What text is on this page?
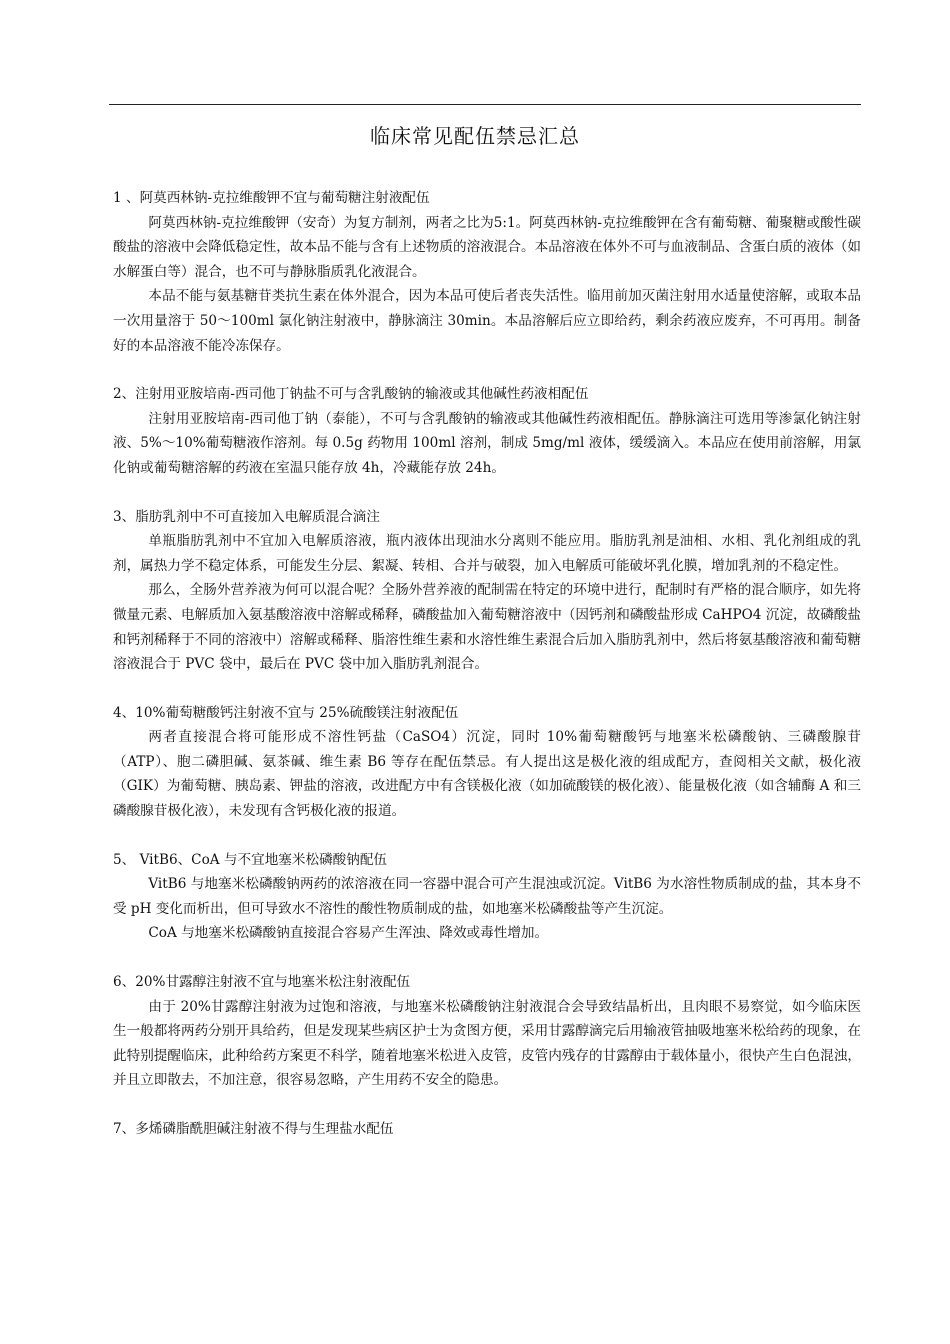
临床常见配伍禁忌汇总

1 、阿莫西林钠-克拉维酸钾不宜与葡萄糖注射液配伍

阿莫西林钠-克拉维酸钾（安奇）为复方制剂，两者之比为5:1。阿莫西林钠-克拉维酸钾在含有葡萄糖、葡聚糖或酸性碳酸盐的溶液中会降低稳定性，故本品不能与含有上述物质的溶液混合。本品溶液在体外不可与血液制品、含蛋白质的液体（如水解蛋白等）混合，也不可与静脉脂质乳化液混合。

本品不能与氨基糖苷类抗生素在体外混合，因为本品可使后者丧失活性。临用前加灭菌注射用水适量使溶解，或取本品一次用量溶于 50～100ml 氯化钠注射液中，静脉滴注 30min。本品溶解后应立即给药，剩余药液应废弃，不可再用。制备好的本品溶液不能冷冻保存。

2、注射用亚胺培南-西司他丁钠盐不可与含乳酸钠的输液或其他碱性药液相配伍

注射用亚胺培南-西司他丁钠（泰能），不可与含乳酸钠的输液或其他碱性药液相配伍。静脉滴注可选用等渗氯化钠注射液、5%～10%葡萄糖液作溶剂。每 0.5g 药物用 100ml 溶剂，制成 5mg/ml 液体，缓缓滴入。本品应在使用前溶解，用氯化钠或葡萄糖溶解的药液在室温只能存放 4h，冷藏能存放 24h。

3、脂肪乳剂中不可直接加入电解质混合滴注

单瓶脂肪乳剂中不宜加入电解质溶液，瓶内液体出现油水分离则不能应用。脂肪乳剂是油相、水相、乳化剂组成的乳剂，属热力学不稳定体系，可能发生分层、絮凝、转相、合并与破裂，加入电解质可能破坏乳化膜，增加乳剂的不稳定性。

那么，全肠外营养液为何可以混合呢？全肠外营养液的配制需在特定的环境中进行，配制时有严格的混合顺序，如先将微量元素、电解质加入氨基酸溶液中溶解或稀释，磷酸盐加入葡萄糖溶液中（因钙剂和磷酸盐形成 CaHPO4 沉淀，故磷酸盐和钙剂稀释于不同的溶液中）溶解或稀释、脂溶性维生素和水溶性维生素混合后加入脂肪乳剂中，然后将氨基酸溶液和葡萄糖溶液混合于 PVC 袋中，最后在 PVC 袋中加入脂肪乳剂混合。

4、10%葡萄糖酸钙注射液不宜与 25%硫酸镁注射液配伍

两者直接混合将可能形成不溶性钙盐（CaSO4）沉淀，同时 10%葡萄糖酸钙与地塞米松磷酸钠、三磷酸腺苷（ATP）、胞二磷胆碱、氨茶碱、维生素 B6 等存在配伍禁忌。有人提出这是极化液的组成配方，查阅相关文献，极化液（GIK）为葡萄糖、胰岛素、钾盐的溶液，改进配方中有含镁极化液（如加硫酸镁的极化液）、能量极化液（如含辅酶 A 和三磷酸腺苷极化液），未发现有含钙极化液的报道。

5、 VitB6、CoA 与不宜地塞米松磷酸钠配伍

VitB6 与地塞米松磷酸钠两药的浓溶液在同一容器中混合可产生混浊或沉淀。VitB6 为水溶性物质制成的盐，其本身不受 pH 变化而析出，但可导致水不溶性的酸性物质制成的盐，如地塞米松磷酸盐等产生沉淀。

CoA 与地塞米松磷酸钠直接混合容易产生浑浊、降效或毒性增加。

6、20%甘露醇注射液不宜与地塞米松注射液配伍

由于 20%甘露醇注射液为过饱和溶液，与地塞米松磷酸钠注射液混合会导致结晶析出，且肉眼不易察觉，如今临床医生一般都将两药分别开具给药，但是发现某些病区护士为贪图方便，采用甘露醇滴完后用输液管抽吸地塞米松给药的现象，在此特别提醒临床，此种给药方案更不科学，随着地塞米松进入皮管，皮管内残存的甘露醇由于载体量小，很快产生白色混浊，并且立即散去，不加注意，很容易忽略，产生用药不安全的隐患。

7、多烯磷脂酰胆碱注射液不得与生理盐水配伍
